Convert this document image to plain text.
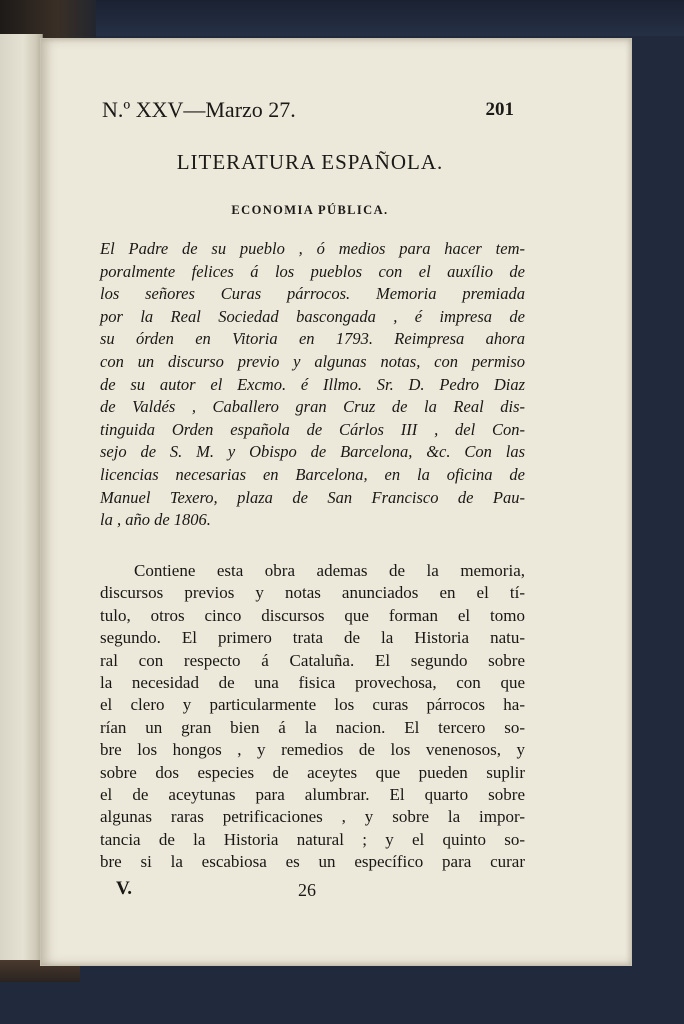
N.º XXV—Marzo 27.	201
LITERATURA ESPAÑOLA.
ECONOMIA PÚBLICA.
El Padre de su pueblo , ó medios para hacer tem-
poralmente felices á los pueblos con el auxílio de
los señores Curas párrocos. Memoria premiada
por la Real Sociedad bascongada , é impresa de
su órden en Vitoria en 1793. Reimpresa ahora
con un discurso previo y algunas notas, con permiso
de su autor el Excmo. é Illmo. Sr. D. Pedro Diaz
de Valdés , Caballero gran Cruz de la Real dis-
tinguida Orden española de Cárlos III , del Con-
sejo de S. M. y Obispo de Barcelona, &c. Con las
licencias necesarias en Barcelona, en la oficina de
Manuel Texero, plaza de San Francisco de Pau-
la , año de 1806.
Contiene esta obra ademas de la memoria,
discursos previos y notas anunciados en el tí-
tulo, otros cinco discursos que forman el tomo
segundo. El primero trata de la Historia natu-
ral con respecto á Cataluña. El segundo sobre
la necesidad de una fisica provechosa, con que
el clero y particularmente los curas párrocos ha-
rían un gran bien á la nacion. El tercero so-
bre los hongos , y remedios de los venenosos, y
sobre dos especies de aceytes que pueden suplir
el de aceytunas para alumbrar. El quarto sobre
algunas raras petrificaciones , y sobre la impor-
tancia de la Historia natural ; y el quinto so-
bre si la escabiosa es un específico para curar
V.	26
